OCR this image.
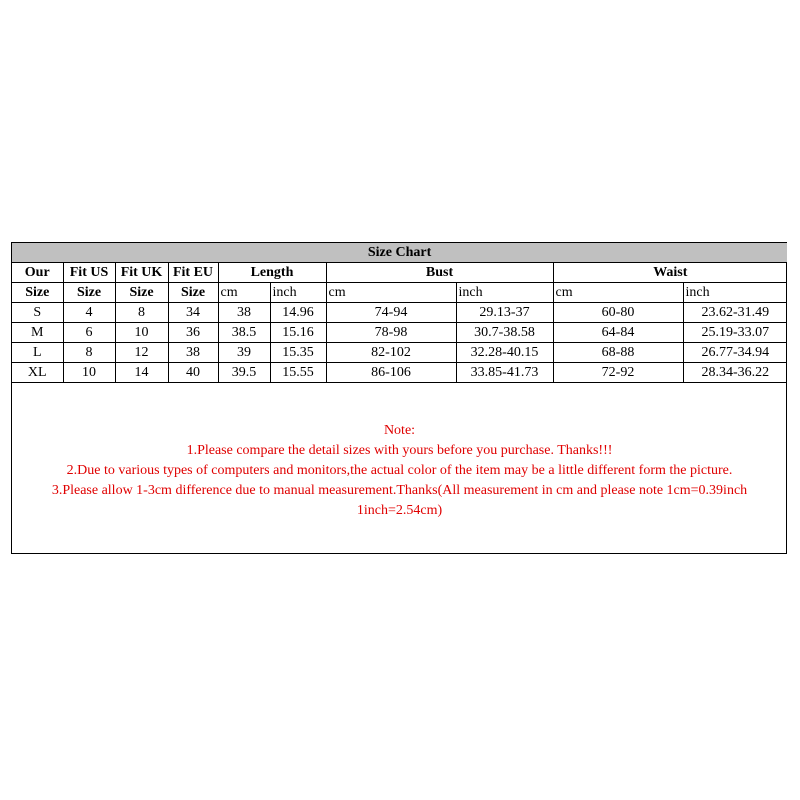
Size Chart									
Our	Fit US	Fit UK	Fit EU	Length		Bust		Waist	
Size	Size	Size	Size	cm	inch	cm	inch	cm	inch
S	4	8	34	38	14.96	74-94	29.13-37	60-80	23.62-31.49
M	6	10	36	38.5	15.16	78-98	30.7-38.58	64-84	25.19-33.07
L	8	12	38	39	15.35	82-102	32.28-40.15	68-88	26.77-34.94
XL	10	14	40	39.5	15.55	86-106	33.85-41.73	72-92	28.34-36.22
Note:
1.Please compare the detail sizes with yours before you purchase. Thanks!!!
2.Due to various types of computers and monitors,the actual color of the item may be a little different form the picture.
3.Please allow 1-3cm difference due to manual measurement.Thanks(All measurement in cm and please note 1cm=0.39inch 1inch=2.54cm)
